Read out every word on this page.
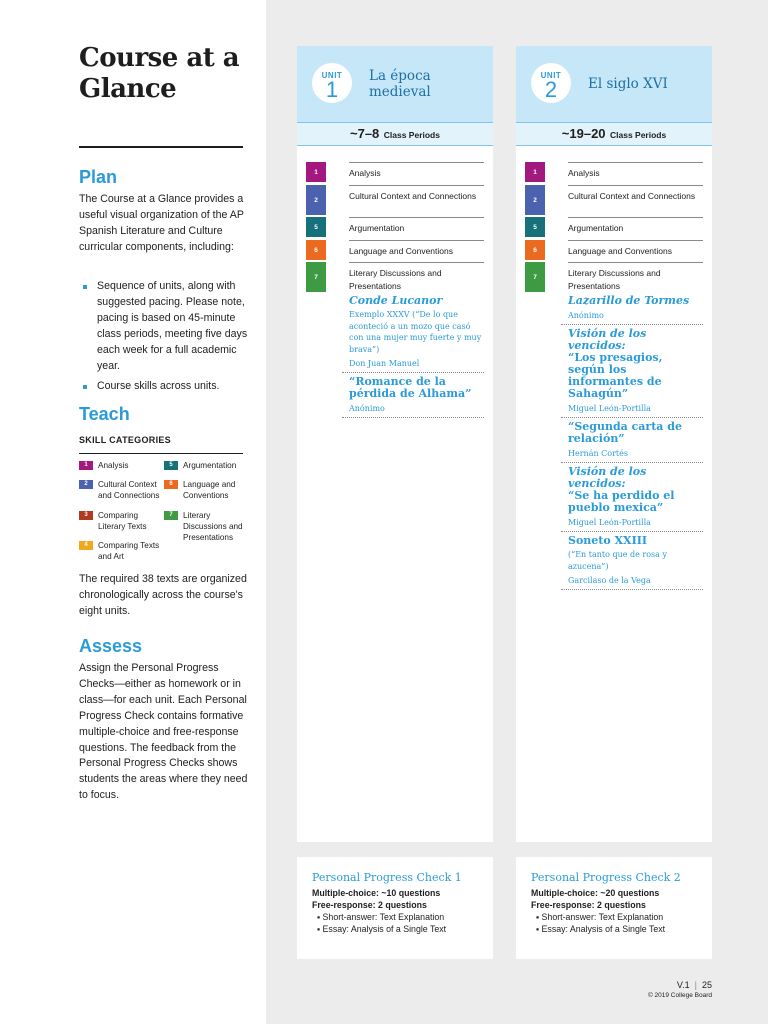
Course at a Glance
Plan

The Course at a Glance provides a useful visual organization of the AP Spanish Literature and Culture curricular components, including:

Sequence of units, along with suggested pacing. Please note, pacing is based on 45-minute class periods, meeting five days each week for a full academic year.
Course skills across units.
Teach
SKILL CATEGORIES
1	Analysis
2	Cultural Context and Connections
3	Comparing Literary Texts
4	Comparing Texts and Art
5	Argumentation
6	Language and Conventions
7	Literary Discussions and Presentations

The required 38 texts are organized chronologically across the course's eight units.

Assess

Assign the Personal Progress Checks—either as homework or in class—for each unit. Each Personal Progress Check contains formative multiple-choice and free-response questions. The feedback from the Personal Progress Checks shows students the areas where they need to focus.

UNIT
1
La época medieval
~7–8 Class Periods
1	Analysis
2	Cultural Context and Connections
5	Argumentation
6	Language and Conventions
7	Literary Discussions and Presentations
Conde Lucanor
Exemplo XXXV (“De lo que aconteció a un mozo que casó con una mujer muy fuerte y muy brava”)
Don Juan Manuel
“Romance de la pérdida de Alhama”
Anónimo
UNIT
2	El siglo XVI
~19–20 Class Periods
1	Analysis
2	Cultural Context and Connections
5	Argumentation
6	Language and Conventions
7	Literary Discussions and Presentations
Lazarillo de Tormes
Anónimo
Visión de los vencidos:
“Los presagios, según los informantes de Sahagún”
Miguel León-Portilla
“Segunda carta de relación”
Hernán Cortés
Visión de los vencidos:
“Se ha perdido el pueblo mexica”
Miguel León-Portilla
Soneto XXIII
(“En tanto que de rosa y azucena”)
Garcilaso de la Vega
Personal Progress Check 1
Multiple-choice: ~10 questions
Free-response: 2 questions
▪ Short-answer: Text Explanation
▪ Essay: Analysis of a Single Text
Personal Progress Check 2
Multiple-choice: ~20 questions
Free-response: 2 questions
▪ Short-answer: Text Explanation
▪ Essay: Analysis of a Single Text
V.1 | 25
© 2019 College Board
